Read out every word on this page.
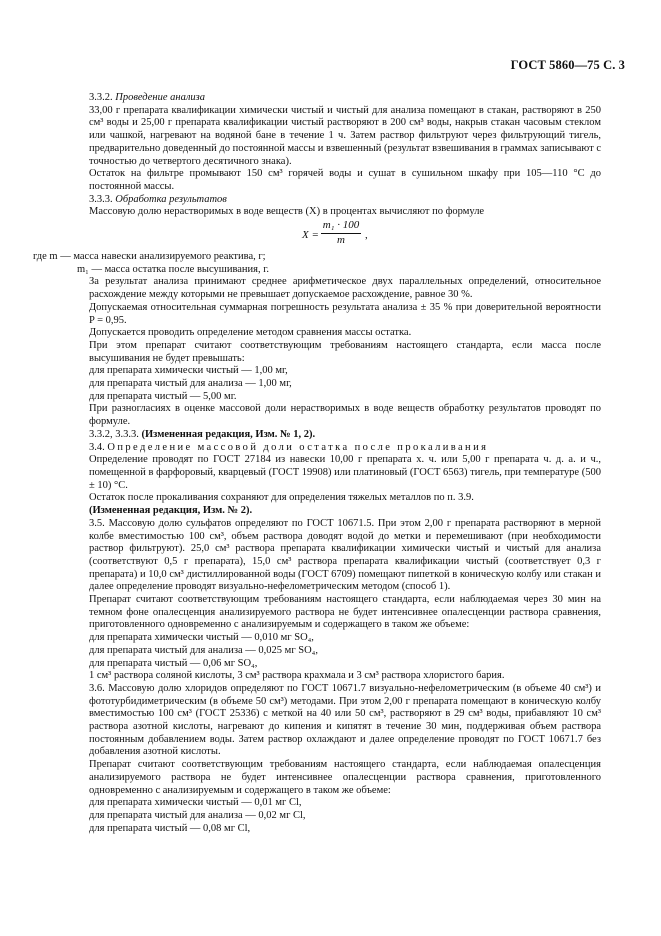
ГОСТ 5860—75 С. 3

3.3.2. Проведение анализа

33,00 г препарата квалификации химически чистый и чистый для анализа помещают в стакан, растворяют в 250 см³ воды и 25,00 г препарата квалификации чистый растворяют в 200 см³ воды, накрыв стакан часовым стеклом или чашкой, нагревают на водяной бане в течение 1 ч. Затем раствор фильтруют через фильтрующий тигель, предварительно доведенный до постоянной массы и взвешенный (результат взвешивания в граммах записывают с точностью до четвертого десятичного знака).

Остаток на фильтре промывают 150 см³ горячей воды и сушат в сушильном шкафу при 105—110 °С до постоянной массы.

3.3.3. Обработка результатов

Массовую долю нерастворимых в воде веществ (X) в процентах вычисляют по формуле

$X = \frac{\text{m₁ · 100}}{m}$ ,

где m — масса навески анализируемого реактива, г;

m₁ — масса остатка после высушивания, г.

За результат анализа принимают среднее арифметическое двух параллельных определений, относительное расхождение между которыми не превышает допускаемое расхождение, равное 30 %.

Допускаемая относительная суммарная погрешность результата анализа ± 35 % при доверительной вероятности P = 0,95.

Допускается проводить определение методом сравнения массы остатка.

При этом препарат считают соответствующим требованиям настоящего стандарта, если масса после высушивания не будет превышать:

для препарата химически чистый — 1,00 мг,

для препарата чистый для анализа — 1,00 мг,

для препарата чистый — 5,00 мг.

При разногласиях в оценке массовой доли нерастворимых в воде веществ обработку результатов проводят по формуле.

3.3.2, 3.3.3. (Измененная редакция, Изм. № 1, 2).

3.4. Определение массовой доли остатка после прокаливания

Определение проводят по ГОСТ 27184 из навески 10,00 г препарата х. ч. или 5,00 г препарата ч. д. а. и ч., помещенной в фарфоровый, кварцевый (ГОСТ 19908) или платиновый (ГОСТ 6563) тигель, при температуре (500 ± 10) °С.

Остаток после прокаливания сохраняют для определения тяжелых металлов по п. 3.9.

(Измененная редакция, Изм. № 2).

3.5. Массовую долю сульфатов определяют по ГОСТ 10671.5. При этом 2,00 г препарата растворяют в мерной колбе вместимостью 100 см³, объем раствора доводят водой до метки и перемешивают (при необходимости раствор фильтруют). 25,0 см³ раствора препарата квалификации химически чистый и чистый для анализа (соответствуют 0,5 г препарата), 15,0 см³ раствора препарата квалификации чистый (соответствует 0,3 г препарата) и 10,0 см³ дистиллированной воды (ГОСТ 6709) помещают пипеткой в коническую колбу или стакан и далее определение проводят визуально-нефелометрическим методом (способ 1).

Препарат считают соответствующим требованиям настоящего стандарта, если наблюдаемая через 30 мин на темном фоне опалесценция анализируемого раствора не будет интенсивнее опалесценции раствора сравнения, приготовленного одновременно с анализируемым и содержащего в таком же объеме:

для препарата химически чистый — 0,010 мг SO₄,

для препарата чистый для анализа — 0,025 мг SO₄,

для препарата чистый — 0,06 мг SO₄,

1 см³ раствора соляной кислоты, 3 см³ раствора крахмала и 3 см³ раствора хлористого бария.

3.6. Массовую долю хлоридов определяют по ГОСТ 10671.7 визуально-нефелометрическим (в объеме 40 см³) и фототурбидиметрическим (в объеме 50 см³) методами. При этом 2,00 г препарата помещают в коническую колбу вместимостью 100 см³ (ГОСТ 25336) с меткой на 40 или 50 см³, растворяют в 29 см³ воды, прибавляют 10 см³ раствора азотной кислоты, нагревают до кипения и кипятят в течение 30 мин, поддерживая объем раствора постоянным добавлением воды. Затем раствор охлаждают и далее определение проводят по ГОСТ 10671.7 без добавления азотной кислоты.

Препарат считают соответствующим требованиям настоящего стандарта, если наблюдаемая опалесценция анализируемого раствора не будет интенсивнее опалесценции раствора сравнения, приготовленного одновременно с анализируемым и содержащего в таком же объеме:

для препарата химически чистый — 0,01 мг Cl,

для препарата чистый для анализа — 0,02 мг Cl,

для препарата чистый — 0,08 мг Cl,
